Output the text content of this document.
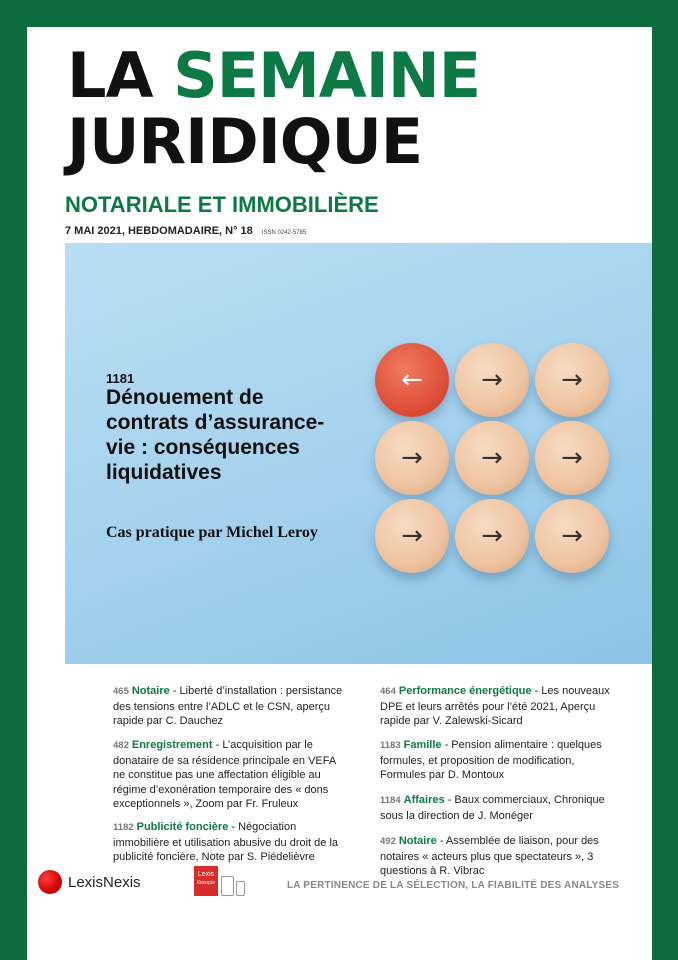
LA SEMAINE
JURIDIQUE
NOTARIALE ET IMMOBILIÈRE
7 MAI 2021, HEBDOMADAIRE, N° 18 ISSN 0242-5785
1181
Dénouement de contrats d’assurance-vie : conséquences liquidatives
Cas pratique par Michel Leroy
←	→	→
→	→	→
→	→	→
465 Notaire - Liberté d’installation : persistance des tensions entre l’ADLC et le CSN, aperçu rapide par C. Dauchez
482 Enregistrement - L’acquisition par le donataire de sa résidence principale en VEFA ne constitue pas une affectation éligible au régime d’exonération temporaire des « dons exceptionnels », Zoom par Fr. Fruleux
1182 Publicité foncière - Négociation immobilière et utilisation abusive du droit de la publicité foncière, Note par S. Piédelièvre
464 Performance énergétique - Les nouveaux DPE et leurs arrêtés pour l’été 2021, Aperçu rapide par V. Zalewski-Sicard
1183 Famille - Pension alimentaire : quelques formules, et proposition de modification, Formules par D. Montoux
1184 Affaires - Baux commerciaux, Chronique sous la direction de J. Monéger
492 Notaire - Assemblée de liaison, pour des notaires « acteurs plus que spectateurs », 3 questions à R. Vibrac
LexisNexis	Lexis
Kiosque	LA PERTINENCE DE LA SÉLECTION, LA FIABILITÉ DES ANALYSES
